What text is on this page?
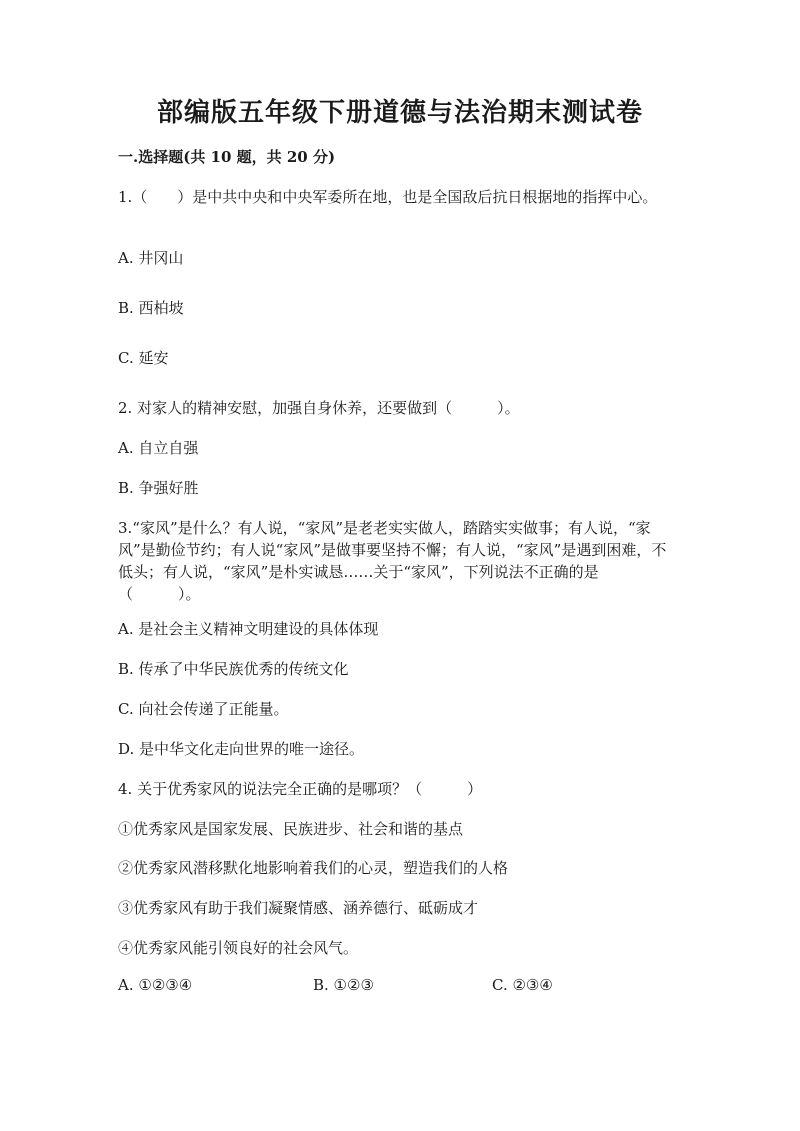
部编版五年级下册道德与法治期末测试卷
一.选择题(共 10 题，共 20 分)
1.（　　）是中共中央和中央军委所在地，也是全国敌后抗日根据地的指挥中心。
A. 井冈山
B. 西柏坡
C. 延安
2. 对家人的精神安慰，加强自身休养，还要做到（　　　）。
A. 自立自强
B. 争强好胜
3.“家风”是什么？有人说，“家风”是老老实实做人，踏踏实实做事；有人说，“家风”是勤俭节约；有人说“家风”是做事要坚持不懈；有人说，“家风”是遇到困难，不低头；有人说，“家风”是朴实诚恳……关于“家风”，下列说法不正确的是（　　　）。
A. 是社会主义精神文明建设的具体体现
B. 传承了中华民族优秀的传统文化
C. 向社会传递了正能量。
D. 是中华文化走向世界的唯一途径。
4. 关于优秀家风的说法完全正确的是哪项？（　　　）
①优秀家风是国家发展、民族进步、社会和谐的基点
②优秀家风潜移默化地影响着我们的心灵，塑造我们的人格
③优秀家风有助于我们凝聚情感、涵养德行、砥砺成才
④优秀家风能引领良好的社会风气。
A. ①②③④	B. ①②③	C. ②③④
